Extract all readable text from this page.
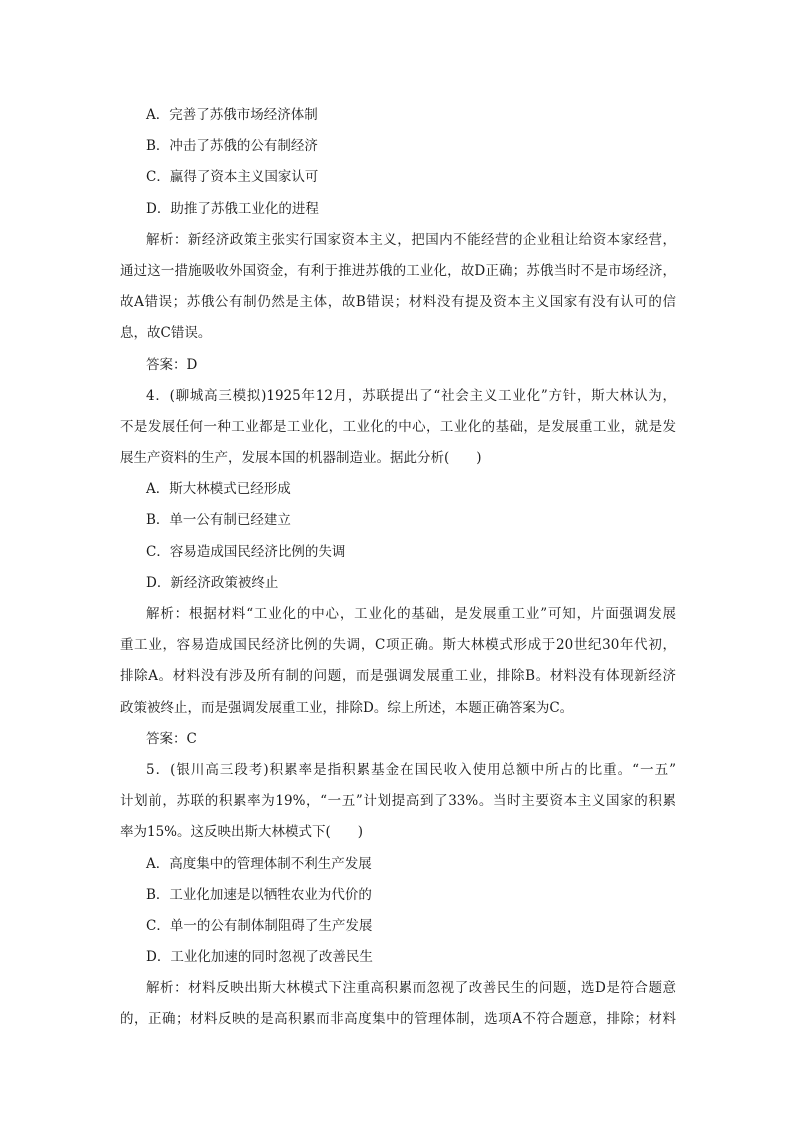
A．完善了苏俄市场经济体制
B．冲击了苏俄的公有制经济
C．赢得了资本主义国家认可
D．助推了苏俄工业化的进程
解析：新经济政策主张实行国家资本主义，把国内不能经营的企业租让给资本家经营，
通过这一措施吸收外国资金，有利于推进苏俄的工业化，故D正确；苏俄当时不是市场经济，
故A错误；苏俄公有制仍然是主体，故B错误；材料没有提及资本主义国家有没有认可的信
息，故C错误。
答案：D
4．(聊城高三模拟)1925年12月，苏联提出了“社会主义工业化”方针，斯大林认为，
不是发展任何一种工业都是工业化，工业化的中心，工业化的基础，是发展重工业，就是发
展生产资料的生产，发展本国的机器制造业。据此分析(　　)
A．斯大林模式已经形成
B．单一公有制已经建立
C．容易造成国民经济比例的失调
D．新经济政策被终止
解析：根据材料“工业化的中心，工业化的基础，是发展重工业”可知，片面强调发展
重工业，容易造成国民经济比例的失调，C项正确。斯大林模式形成于20世纪30年代初，
排除A。材料没有涉及所有制的问题，而是强调发展重工业，排除B。材料没有体现新经济
政策被终止，而是强调发展重工业，排除D。综上所述，本题正确答案为C。
答案：C
5．(银川高三段考)积累率是指积累基金在国民收入使用总额中所占的比重。“一五”
计划前，苏联的积累率为19%，“一五”计划提高到了33%。当时主要资本主义国家的积累
率为15%。这反映出斯大林模式下(　　)
A．高度集中的管理体制不利生产发展
B．工业化加速是以牺牲农业为代价的
C．单一的公有制体制阻碍了生产发展
D．工业化加速的同时忽视了改善民生
解析：材料反映出斯大林模式下注重高积累而忽视了改善民生的问题，选D是符合题意
的，正确；材料反映的是高积累而非高度集中的管理体制，选项A不符合题意，排除；材料
